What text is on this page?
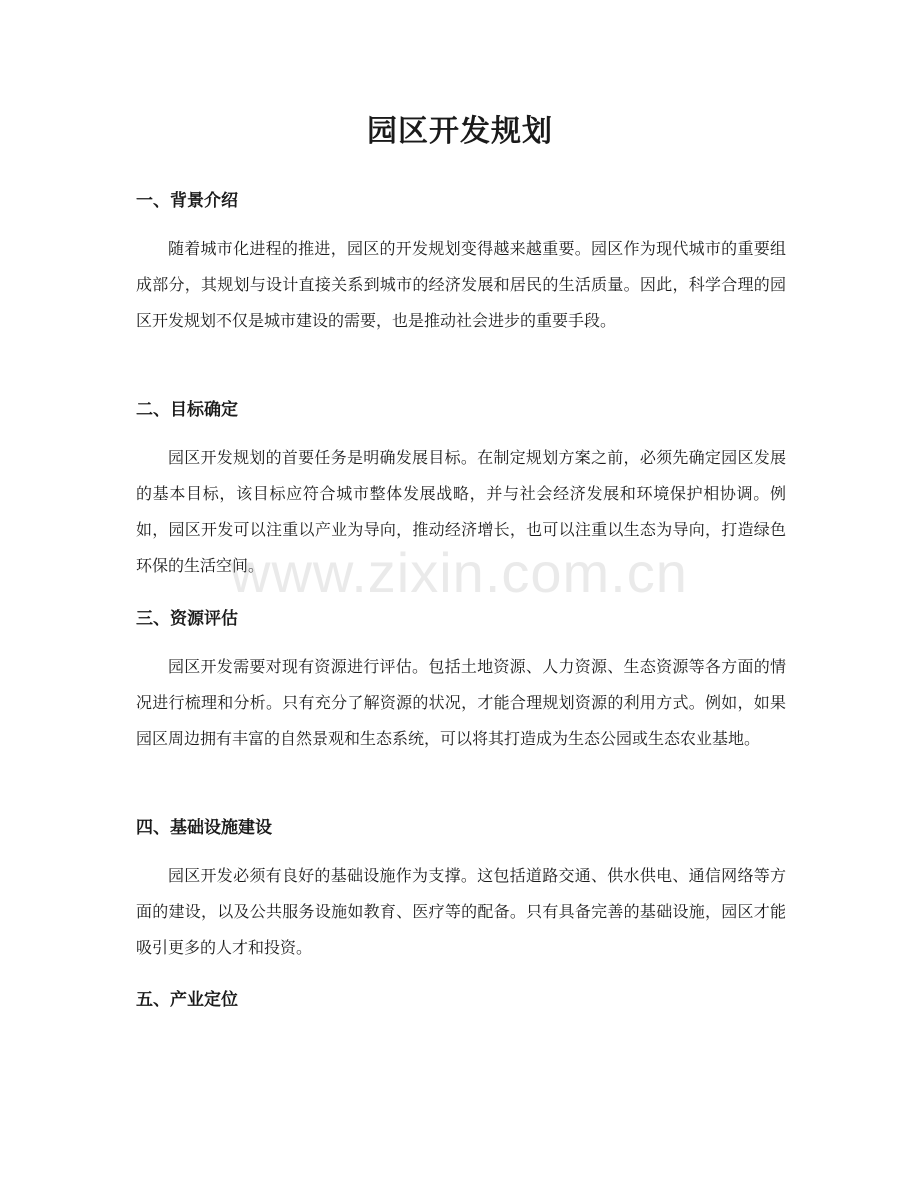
园区开发规划
一、背景介绍

随着城市化进程的推进，园区的开发规划变得越来越重要。园区作为现代城市的重要组成部分，其规划与设计直接关系到城市的经济发展和居民的生活质量。因此，科学合理的园区开发规划不仅是城市建设的需要，也是推动社会进步的重要手段。

二、目标确定

园区开发规划的首要任务是明确发展目标。在制定规划方案之前，必须先确定园区发展的基本目标，该目标应符合城市整体发展战略，并与社会经济发展和环境保护相协调。例如，园区开发可以注重以产业为导向，推动经济增长，也可以注重以生态为导向，打造绿色环保的生活空间。

三、资源评估

园区开发需要对现有资源进行评估。包括土地资源、人力资源、生态资源等各方面的情况进行梳理和分析。只有充分了解资源的状况，才能合理规划资源的利用方式。例如，如果园区周边拥有丰富的自然景观和生态系统，可以将其打造成为生态公园或生态农业基地。

四、基础设施建设

园区开发必须有良好的基础设施作为支撑。这包括道路交通、供水供电、通信网络等方面的建设，以及公共服务设施如教育、医疗等的配备。只有具备完善的基础设施，园区才能吸引更多的人才和投资。

五、产业定位
www.zixin.com.cn
